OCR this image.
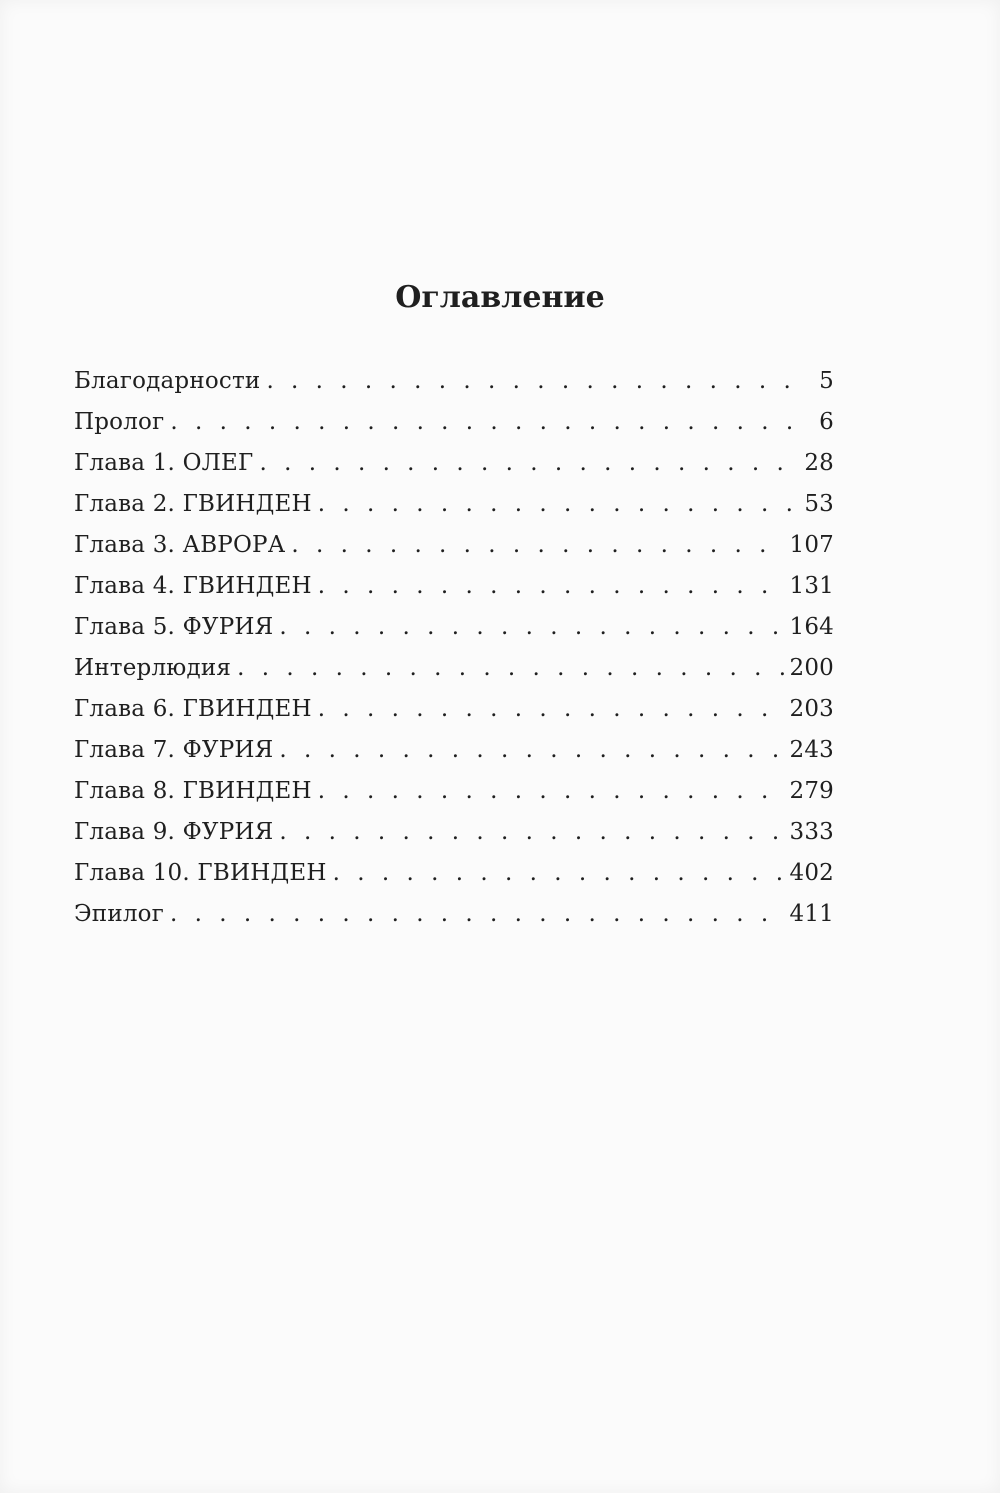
Оглавление
Благодарности . . .	5
Пролог . . .	6
Глава 1. ОЛЕГ . . .	28
Глава 2. ГВИНДЕН . . .	53
Глава 3. АВРОРА . . .	107
Глава 4. ГВИНДЕН . . .	131
Глава 5. ФУРИЯ . . .	164
Интерлюдия . . .	200
Глава 6. ГВИНДЕН . . .	203
Глава 7. ФУРИЯ . . .	243
Глава 8. ГВИНДЕН . . .	279
Глава 9. ФУРИЯ . . .	333
Глава 10. ГВИНДЕН . . .	402
Эпилог . . .	411
